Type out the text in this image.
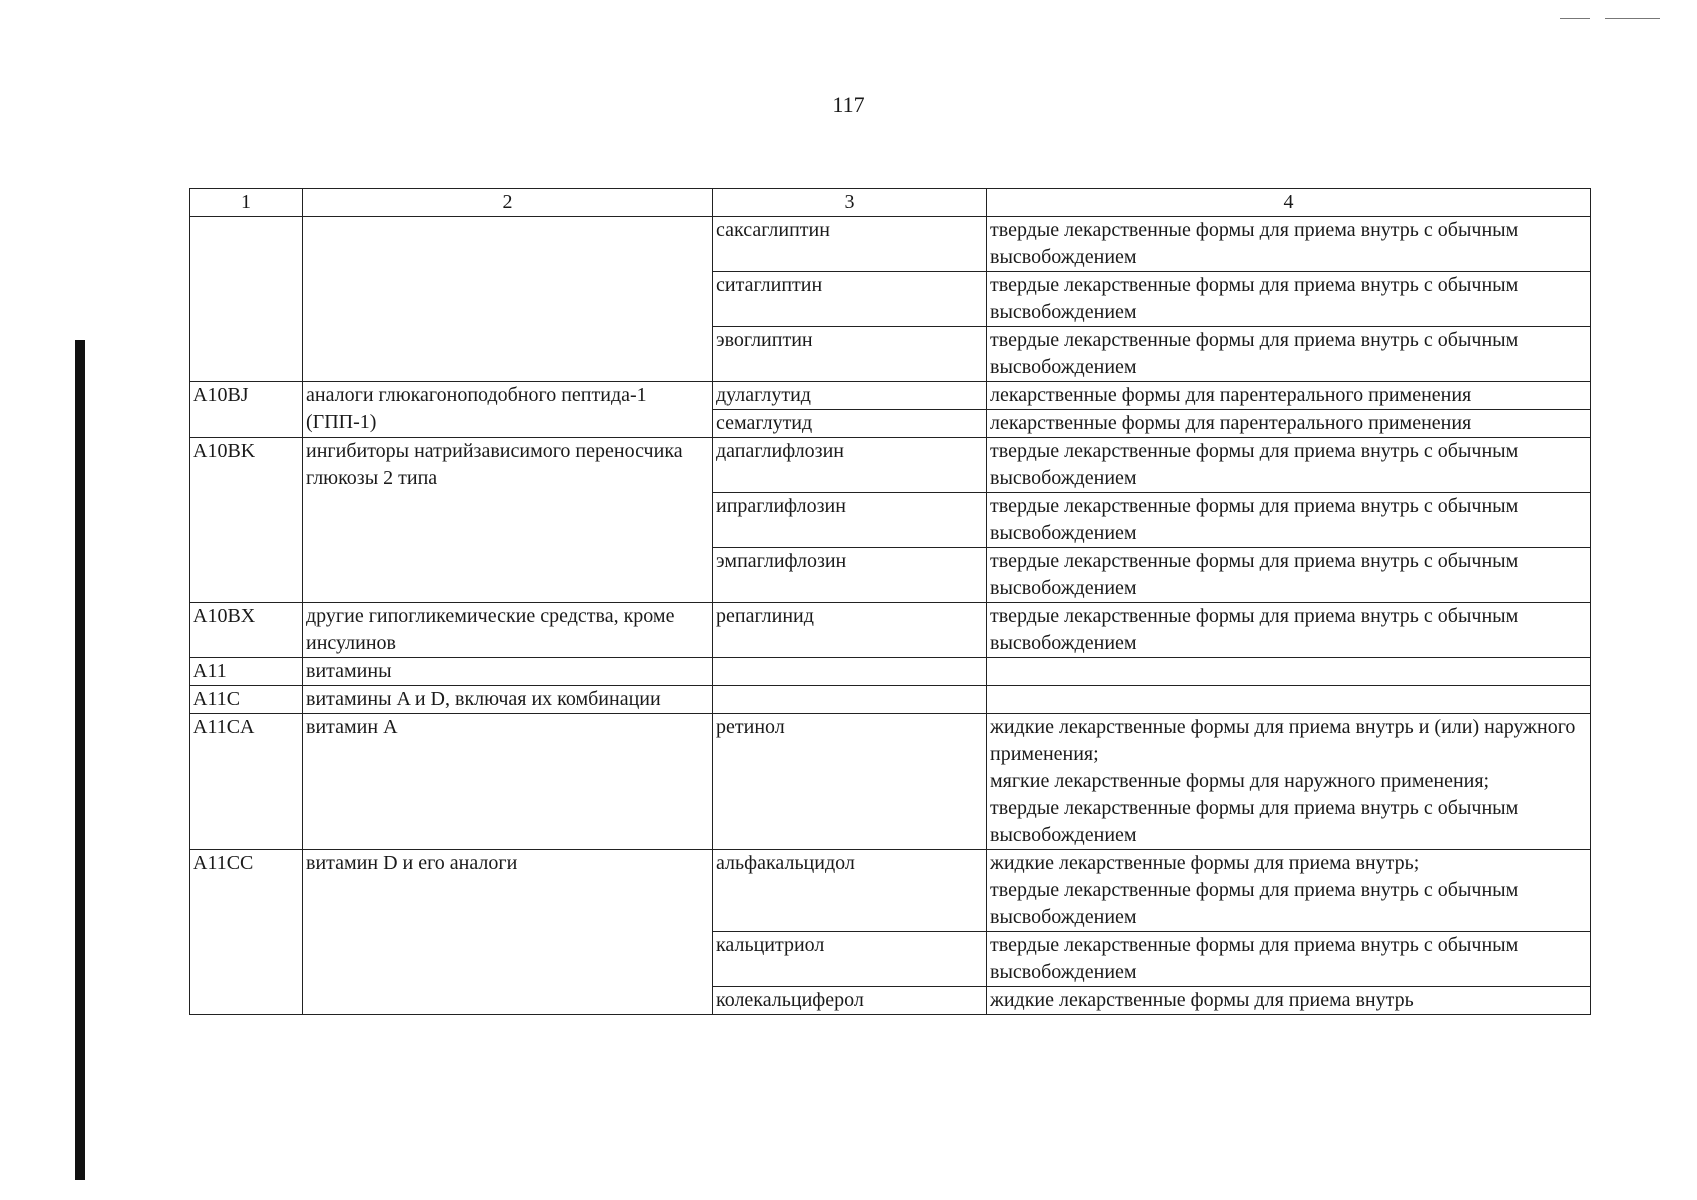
117
1	2	3	4
		саксаглиптин	твердые лекарственные формы для приема внутрь с обычным высвобождением

		ситаглиптин	твердые лекарственные формы для приема внутрь с обычным высвобождением

		эвоглиптин	твердые лекарственные формы для приема внутрь с обычным высвобождением

A10BJ	аналоги глюкагоноподобного пептида-1 (ГПП-1)	дулаглутид	лекарственные формы для парентерального применения

		семаглутид	лекарственные формы для парентерального применения

A10BK	ингибиторы натрийзависимого переносчика глюкозы 2 типа	дапаглифлозин	твердые лекарственные формы для приема внутрь с обычным высвобождением

		ипраглифлозин	твердые лекарственные формы для приема внутрь с обычным высвобождением

		эмпаглифлозин	твердые лекарственные формы для приема внутрь с обычным высвобождением

A10BX	другие гипогликемические средства, кроме инсулинов	репаглинид	твердые лекарственные формы для приема внутрь с обычным высвобождением

A11	витамины		
A11C	витамины A и D, включая их комбинации		
A11CA	витамин A	ретинол	жидкие лекарственные формы для приема внутрь и (или) наружного применения;
мягкие лекарственные формы для наружного применения;
твердые лекарственные формы для приема внутрь с обычным высвобождением

A11CC	витамин D и его аналоги	альфакальцидол	жидкие лекарственные формы для приема внутрь;
твердые лекарственные формы для приема внутрь с обычным высвобождением

		кальцитриол	твердые лекарственные формы для приема внутрь с обычным высвобождением

		колекальциферол	жидкие лекарственные формы для приема внутрь
